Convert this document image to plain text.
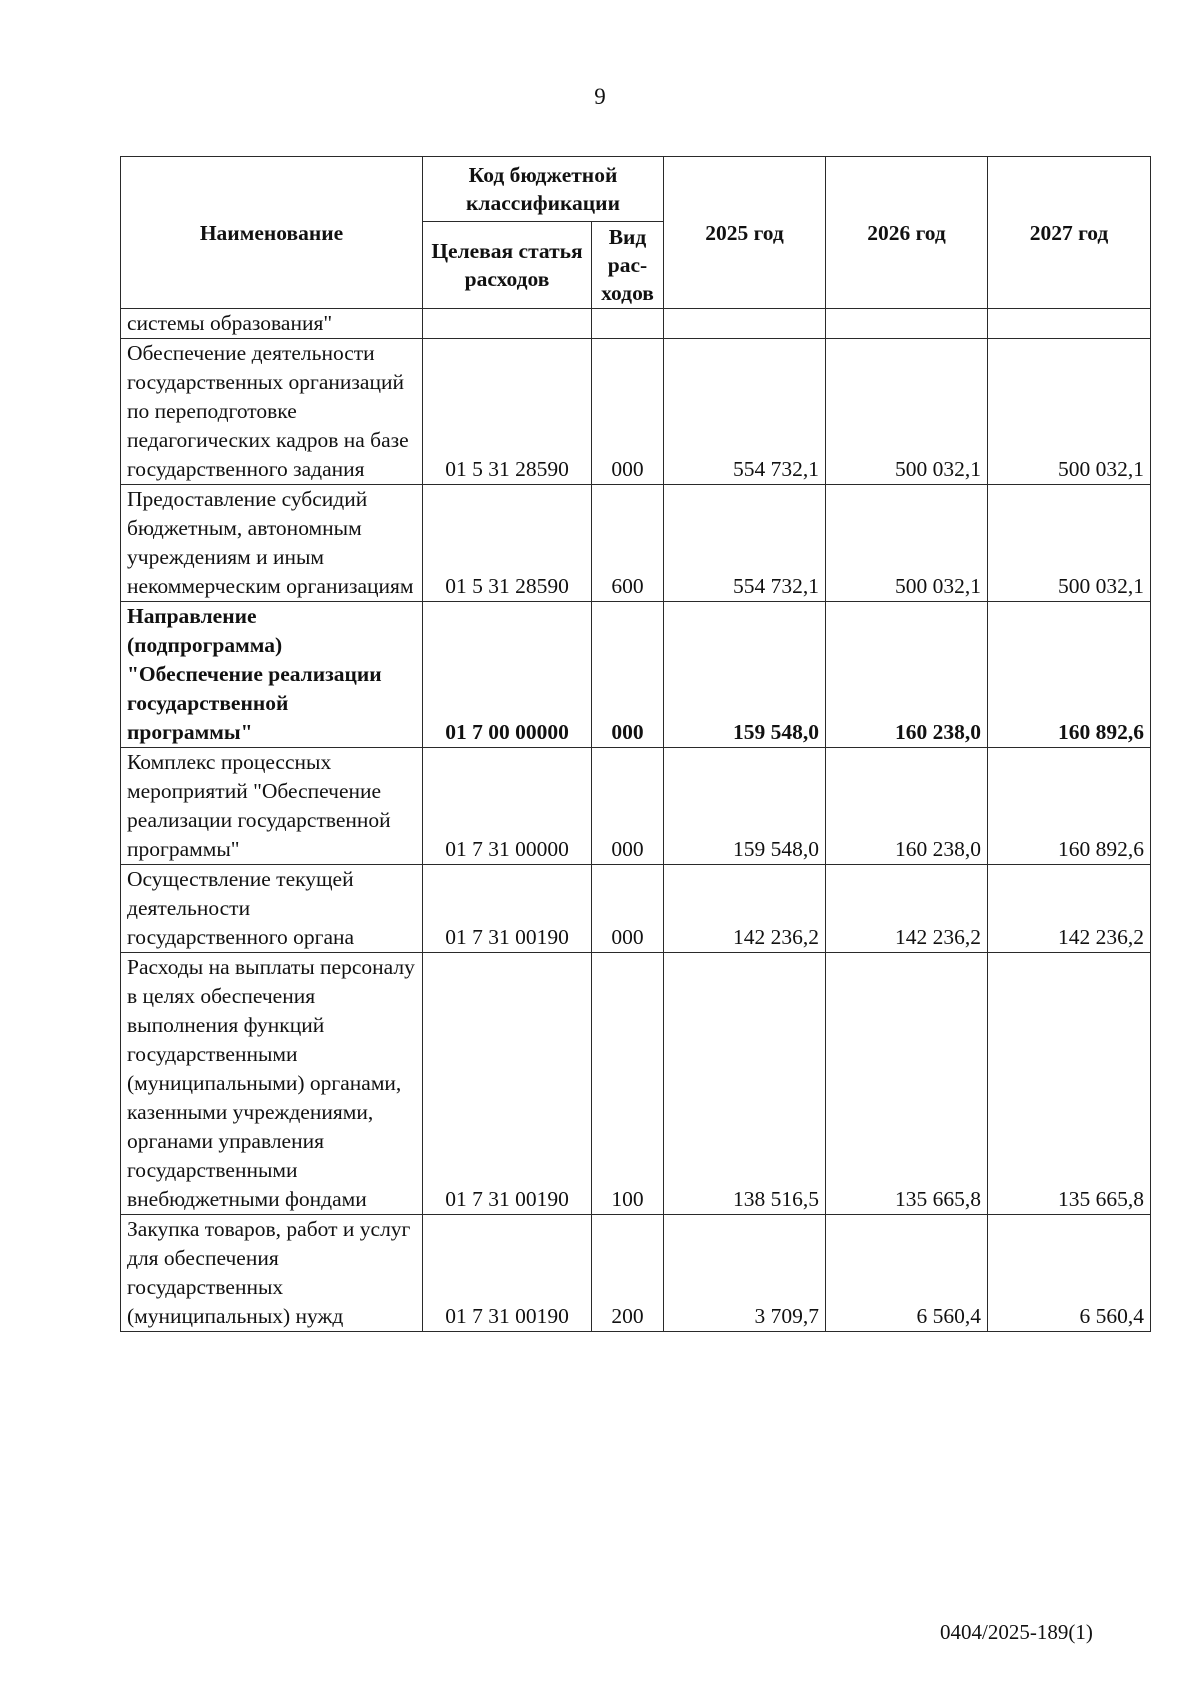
9
Наименование	Код бюджетной классификации		2025 год	2026 год	2027 год
	Целевая статья расходов	Вид рас-ходов			
системы образования"					
Обеспечение деятельности государственных организаций по переподготовке педагогических кадров на базе государственного задания	01 5 31 28590	000	554 732,1	500 032,1	500 032,1
Предоставление субсидий бюджетным, автономным учреждениям и иным некоммерческим организациям	01 5 31 28590	600	554 732,1	500 032,1	500 032,1
Направление (подпрограмма) "Обеспечение реализации государственной программы"	01 7 00 00000	000	159 548,0	160 238,0	160 892,6
Комплекс процессных мероприятий "Обеспечение реализации государственной программы"	01 7 31 00000	000	159 548,0	160 238,0	160 892,6
Осуществление текущей деятельности государственного органа	01 7 31 00190	000	142 236,2	142 236,2	142 236,2
Расходы на выплаты персоналу в целях обеспечения выполнения функций государственными (муниципальными) органами, казенными учреждениями, органами управления государственными внебюджетными фондами	01 7 31 00190	100	138 516,5	135 665,8	135 665,8
Закупка товаров, работ и услуг для обеспечения государственных (муниципальных) нужд	01 7 31 00190	200	3 709,7	6 560,4	6 560,4
0404/2025-189(1)
